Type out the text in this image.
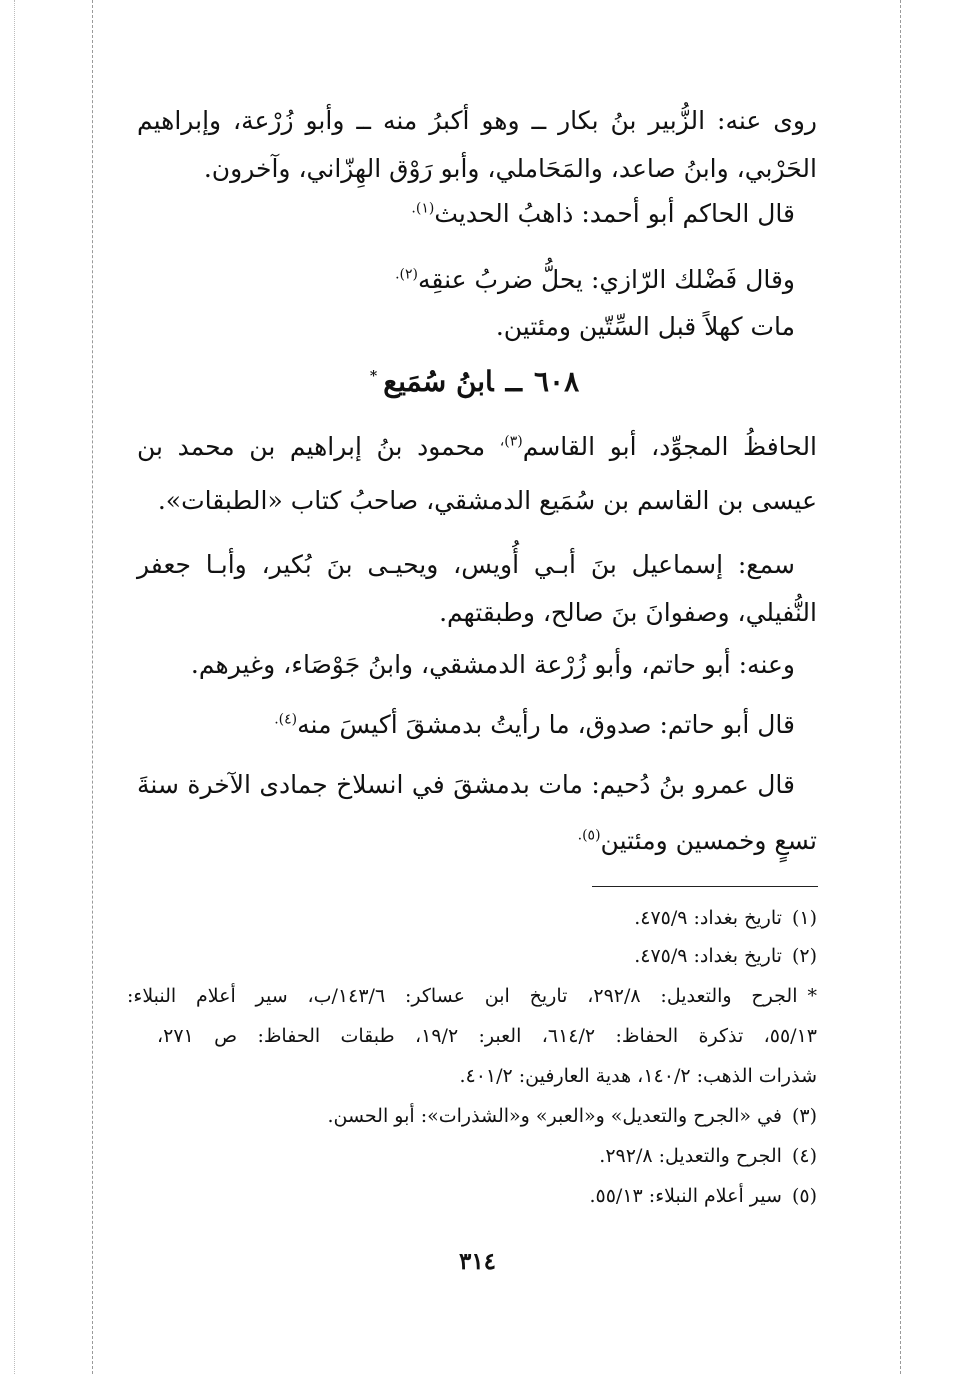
روى عنه: الزُّبير بنُ بكار ــ وهو أكبرُ منه ــ وأبو زُرْعة، وإبراهيم
الحَرْبي، وابنُ صاعد، والمَحَاملي، وأبو رَوْق الهِزّاني، وآخرون.
قال الحاكم أبو أحمد: ذاهبُ الحديث$^{(١).}$
وقال فَضْلك الرّازي: يحلُّ ضربُ عنقِه$^{(٢).}$
مات كهلاً قبل السِّتّين ومئتين.
٦٠٨ــابنُ سُمَيع*
الحافظُ المجوِّد، أبو القاسم$^{(٣)،}$ محمود بنُ إبراهيم بن محمد بن
عيسى بن القاسم بن سُمَيع الدمشقي، صاحبُ كتاب «الطبقات».
سمع: إسماعيل بنَ أبـي أُويس، ويحيـى بنَ بُكير، وأبـا جعفر
النُّفيلي، وصفوانَ بنَ صالح، وطبقتهم.
وعنه: أبو حاتم، وأبو زُرْعة الدمشقي، وابنُ جَوْصَاء، وغيرهم.
قال أبو حاتم: صدوق، ما رأيتُ بدمشقَ أكيسَ منه$^{(٤).}$
قال عمرو بنُ دُحيم: مات بدمشقَ في انسلاخ جمادى الآخرة سنةَ
تسعٍ وخمسين ومئتين$^{(٥).}$
(١)تاريخ بغداد: ٤٧٥/٩.
(٢)تاريخ بغداد: ٤٧٥/٩.
*الجرح والتعديل: ٢٩٢/٨، تاريخ ابن عساكر: ١٤٣/٦/ب، سير أعلام النبلاء:
٥٥/١٣، تذكرة الحفاظ: ٦١٤/٢، العبر: ١٩/٢، طبقات الحفاظ: ص ٢٧١،
شذرات الذهب: ١٤٠/٢، هدية العارفين: ٤٠١/٢.
(٣)في «الجرح والتعديل» و«العبر» و«الشذرات»: أبو الحسن.
(٤)الجرح والتعديل: ٢٩٢/٨.
(٥)سير أعلام النبلاء: ٥٥/١٣.
٣١٤
